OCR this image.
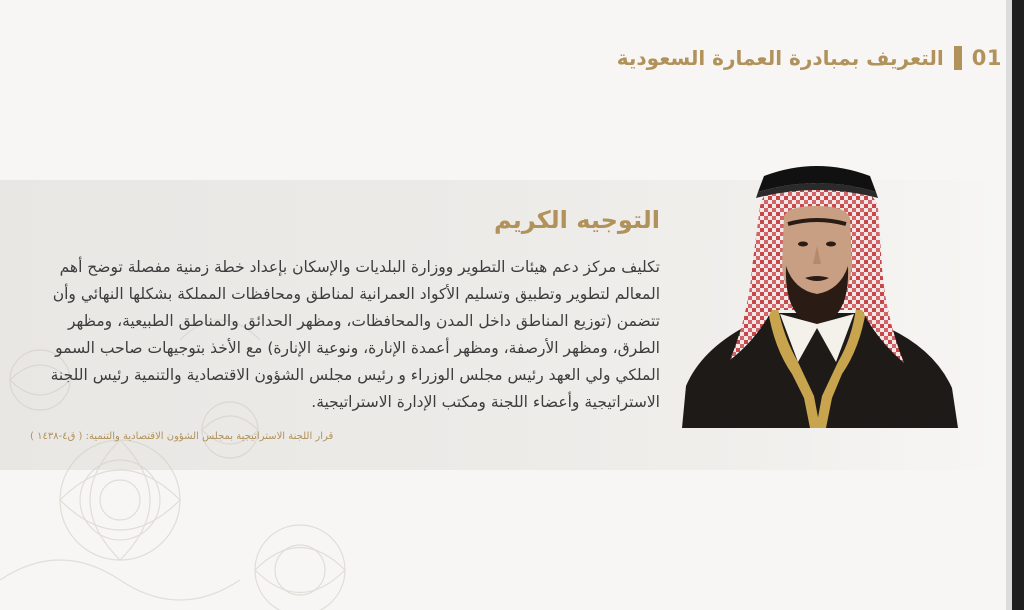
01
التعريف بمبادرة العمارة السعودية
التوجيه الكريم

تكليف مركز دعم هيئات التطوير ووزارة البلديات والإسكان بإعداد خطة زمنية مفصلة توضح أهم المعالم لتطوير وتطبيق وتسليم الأكواد العمرانية لمناطق ومحافظات المملكة بشكلها النهائي وأن تتضمن (توزيع المناطق داخل المدن والمحافظات، ومظهر الحدائق والمناطق الطبيعية، ومظهر الطرق، ومظهر الأرصفة، ومظهر أعمدة الإنارة، ونوعية الإنارة) مع الأخذ بتوجيهات صاحب السمو الملكي ولي العهد رئيس مجلس الوزراء و رئيس مجلس الشؤون الاقتصادية والتنمية رئيس اللجنة الاستراتيجية وأعضاء اللجنة ومكتب الإدارة الاستراتيجية.

قرار اللجنة الاستراتيجية بمجلس الشؤون الاقتصادية والتنمية: ( ق٤-١٤٣٨ )
